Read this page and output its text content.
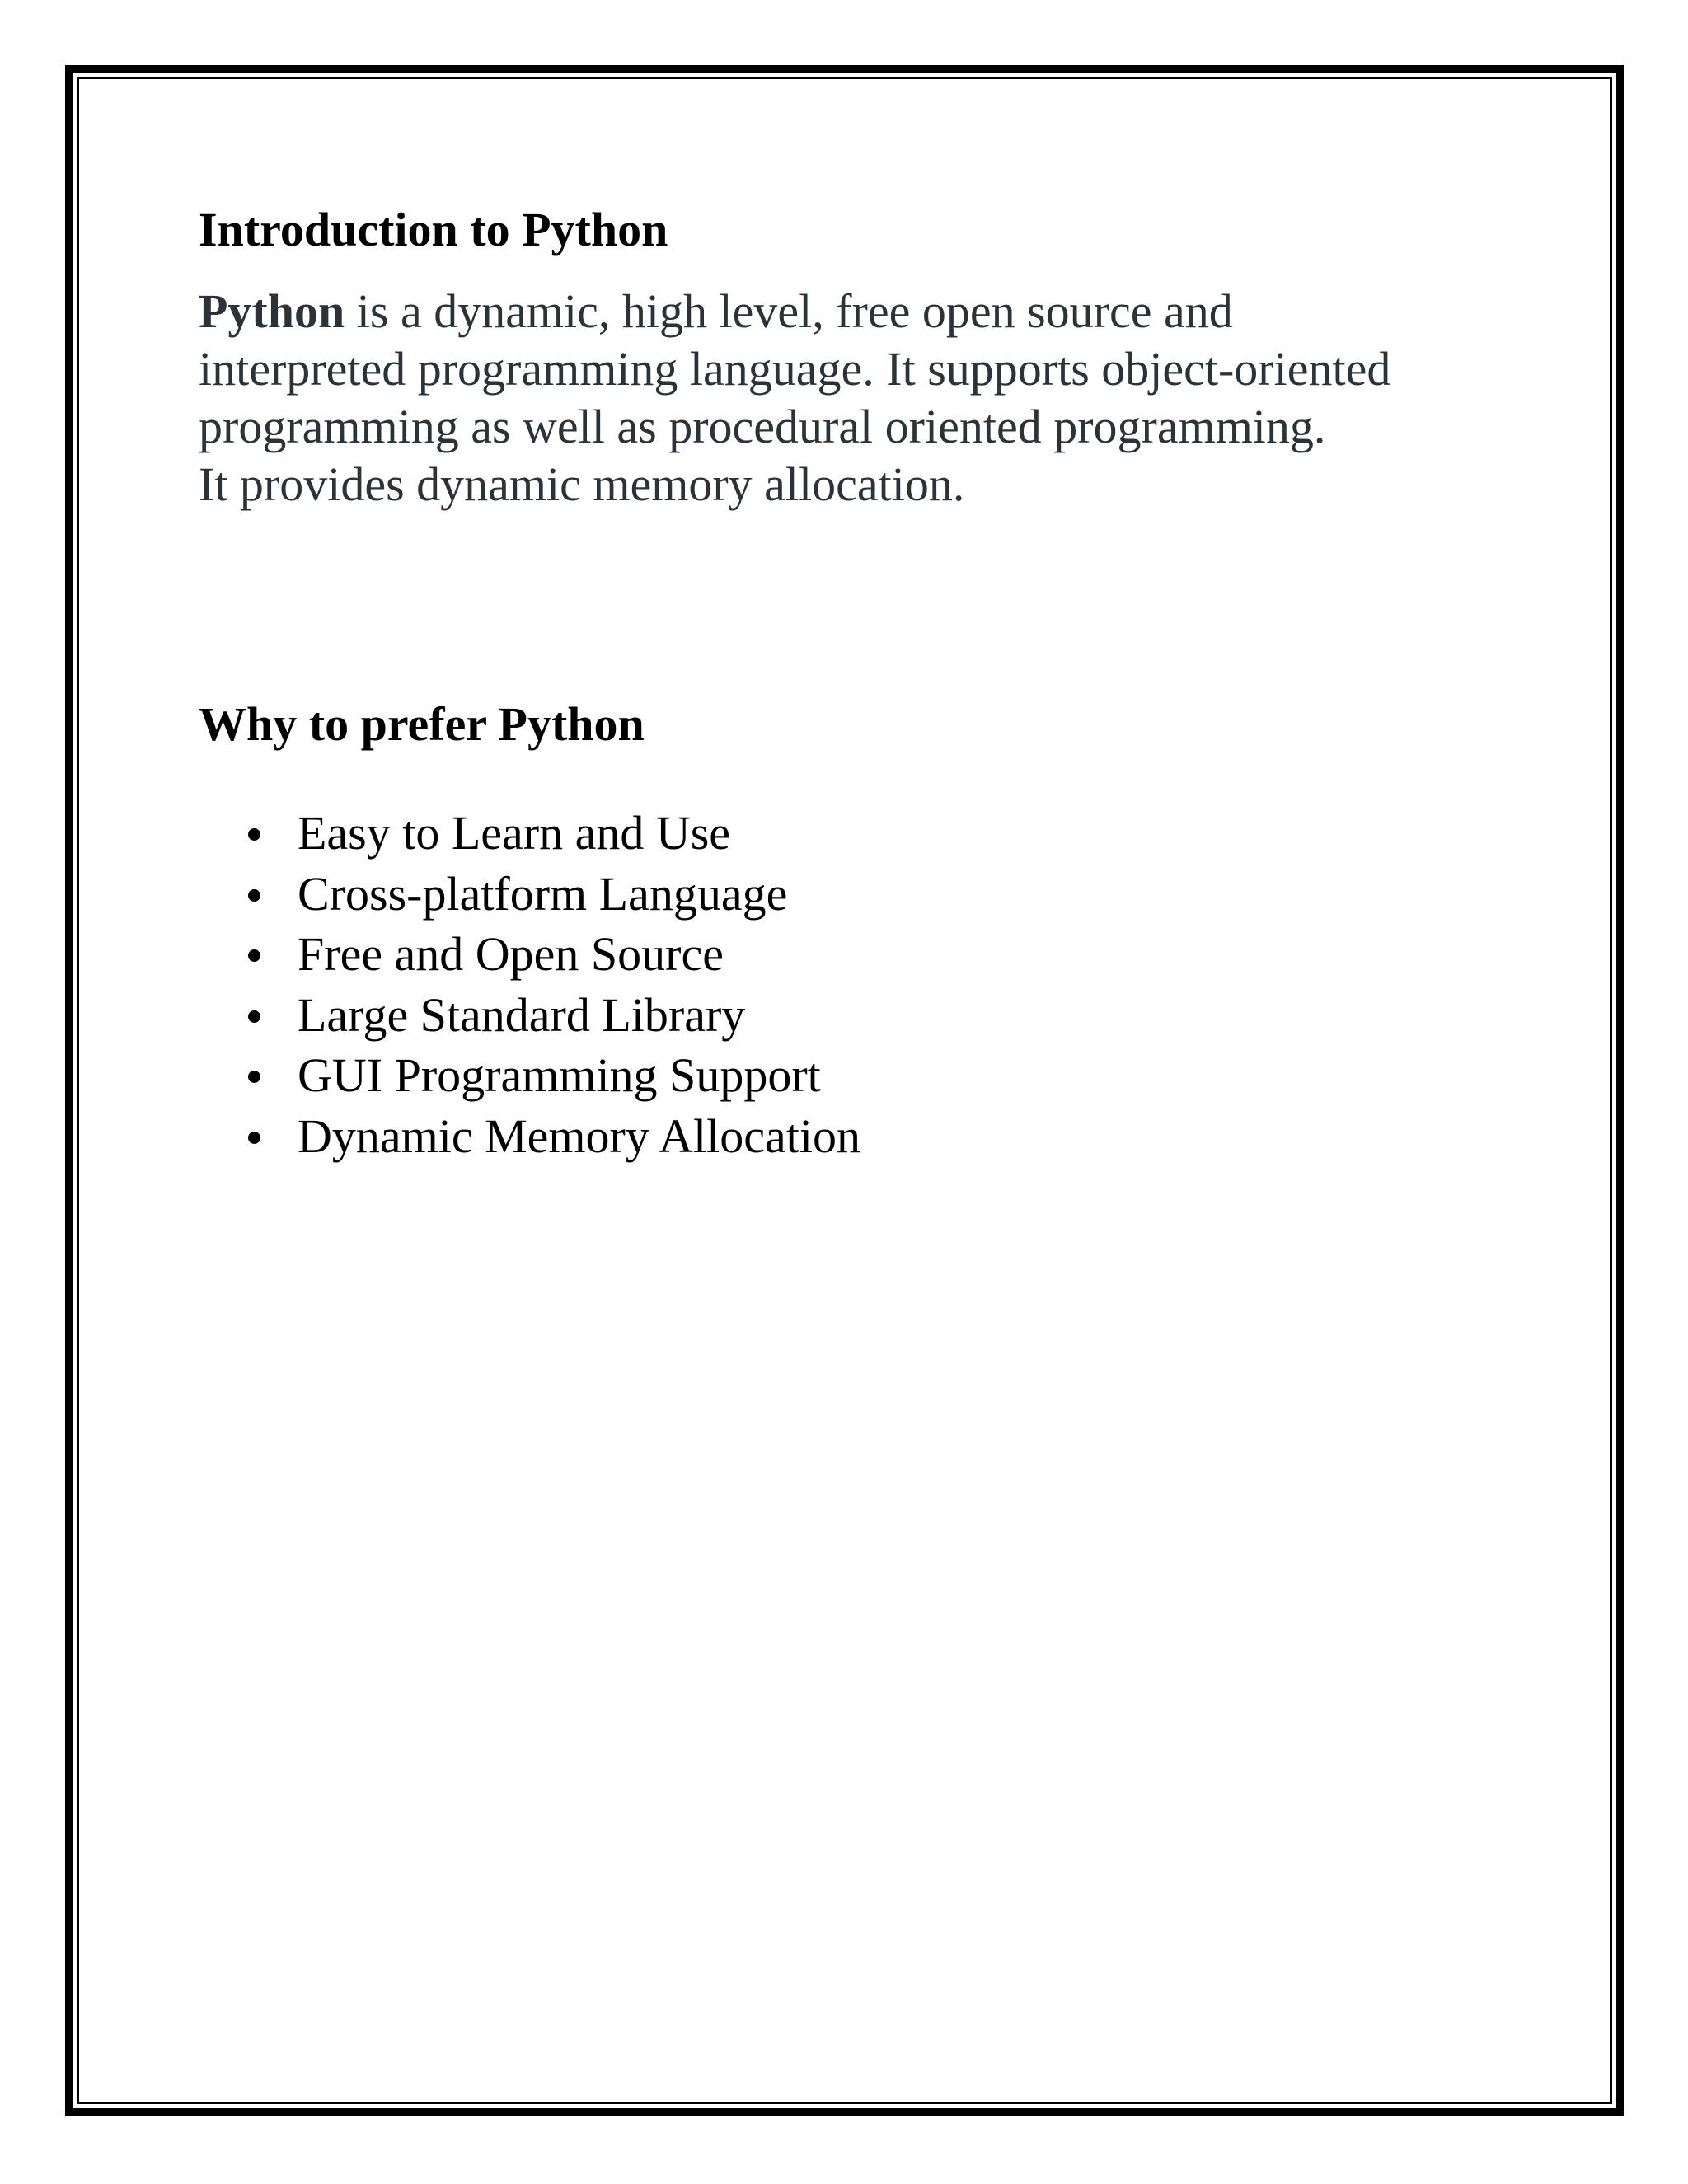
Introduction to Python
Python is a dynamic, high level, free open source and
interpreted programming language. It supports object-oriented
programming as well as procedural oriented programming.
It provides dynamic memory allocation.
Why to prefer Python
Easy to Learn and Use
Cross-platform Language
Free and Open Source
Large Standard Library
GUI Programming Support
Dynamic Memory Allocation
